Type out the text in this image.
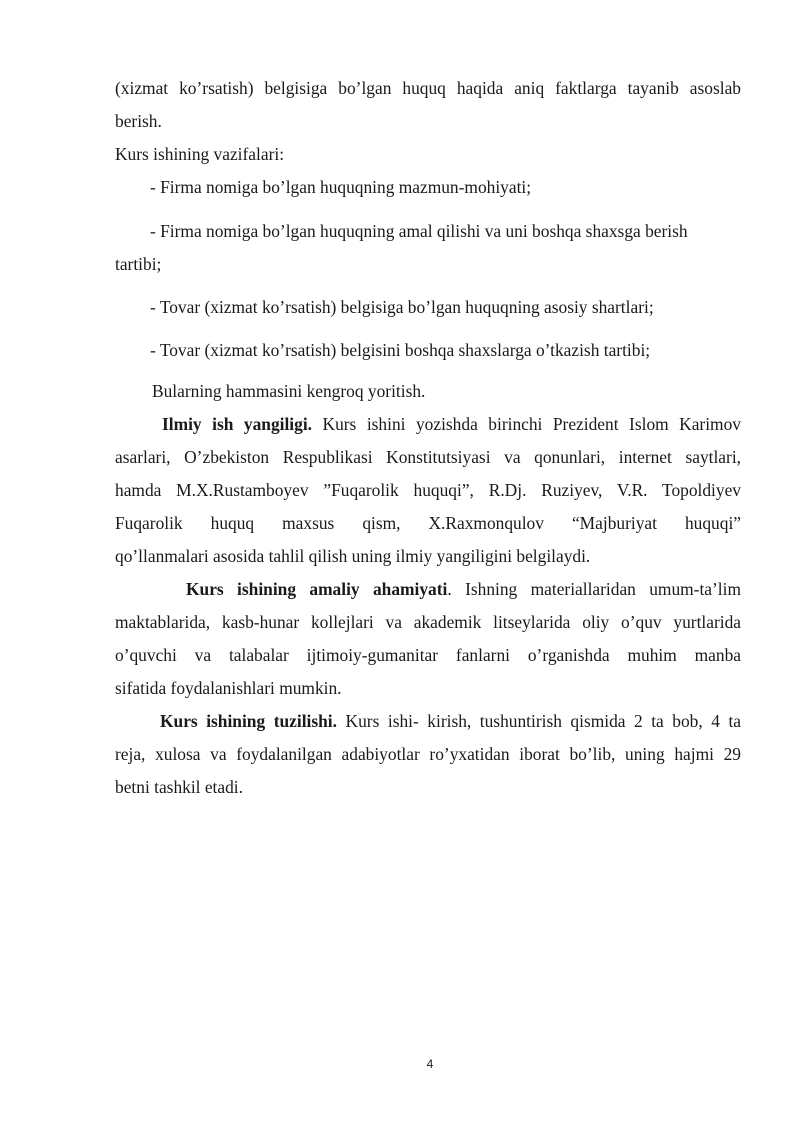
(xizmat ko’rsatish) belgisiga bo’lgan huquq haqida aniq faktlarga tayanib asoslab
berish.
Kurs ishining vazifalari:
- Firma nomiga bo’lgan huquqning mazmun-mohiyati;
- Firma nomiga bo’lgan huquqning amal qilishi va uni boshqa shaxsga berish
tartibi;
- Tovar (xizmat ko’rsatish) belgisiga bo’lgan huquqning asosiy shartlari;
- Tovar (xizmat ko’rsatish) belgisini boshqa shaxslarga o’tkazish tartibi;
Bularning hammasini kengroq yoritish.
Ilmiy ish yangiligi. Kurs ishini yozishda birinchi Prezident Islom Karimov
asarlari, O’zbekiston Respublikasi Konstitutsiyasi va qonunlari, internet saytlari,
hamda M.X.Rustamboyev ”Fuqarolik huquqi”, R.Dj. Ruziyev, V.R. Topoldiyev
Fuqarolik huquq maxsus qism, X.Raxmonqulov “Majburiyat huquqi”
qo’llanmalari asosida tahlil qilish uning ilmiy yangiligini belgilaydi.
Kurs ishining amaliy ahamiyati. Ishning materiallaridan umum-ta’lim
maktablarida, kasb-hunar kollejlari va akademik litseylarida oliy o’quv yurtlarida
o’quvchi va talabalar ijtimoiy-gumanitar fanlarni o’rganishda muhim manba
sifatida foydalanishlari mumkin.
Kurs ishining tuzilishi. Kurs ishi- kirish, tushuntirish qismida 2 ta bob, 4 ta
reja, xulosa va foydalanilgan adabiyotlar ro’yxatidan iborat bo’lib, uning hajmi 29
betni tashkil etadi.
4
